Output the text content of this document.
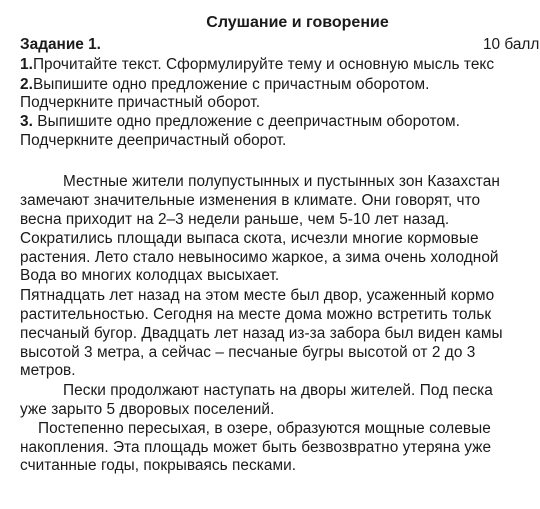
Слушание и говорение
Задание 1.	10 балл
1.Прочитайте текст. Сформулируйте тему и основную мысль текс
2.Выпишите одно предложение с причастным оборотом.
Подчеркните причастный оборот.
3. Выпишите одно предложение с деепричастным оборотом.
Подчеркните деепричастный оборот.
Местные жители полупустынных и пустынных зон Казахстан
замечают значительные изменения в климате. Они говорят, что
весна приходит на 2–3 недели раньше, чем 5-10 лет назад.
Сократились площади выпаса скота, исчезли многие кормовые
растения. Лето стало невыносимо жаркое, а зима очень холодной
Вода во многих колодцах высыхает.
Пятнадцать лет назад на этом месте был двор, усаженный кормо
растительностью. Сегодня на месте дома можно встретить тольк
песчаный бугор. Двадцать лет назад из-за забора был виден камы
высотой 3 метра, а сейчас – песчаные бугры высотой от 2 до 3
метров.
Пески продолжают наступать на дворы жителей. Под песка
уже зарыто 5 дворовых поселений.
Постепенно пересыхая, в озере, образуются мощные солевые
накопления. Эта площадь может быть безвозвратно утеряна уже
считанные годы, покрываясь песками.
